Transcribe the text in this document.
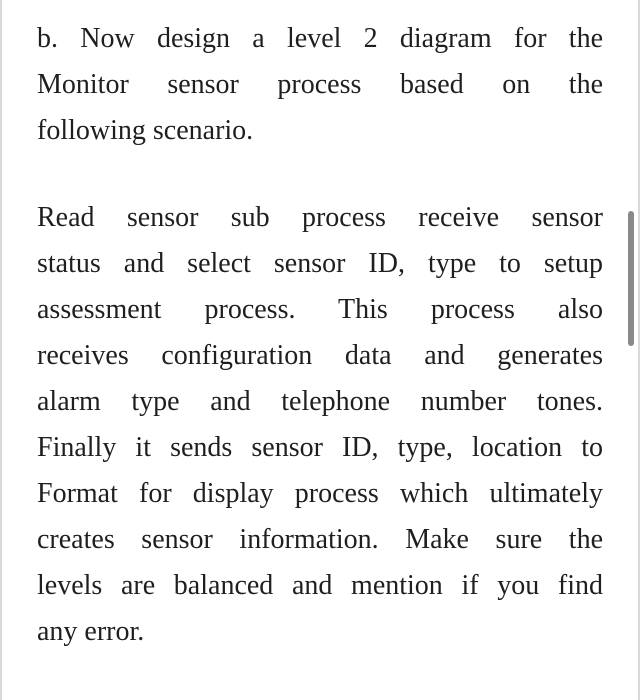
b. Now design a level 2 diagram for the
Monitor sensor process based on the
following scenario.
Read sensor sub process receive sensor
status and select sensor ID, type to setup
assessment process. This process also
receives configuration data and generates
alarm type and telephone number tones.
Finally it sends sensor ID, type, location to
Format for display process which ultimately
creates sensor information. Make sure the
levels are balanced and mention if you find
any error.
